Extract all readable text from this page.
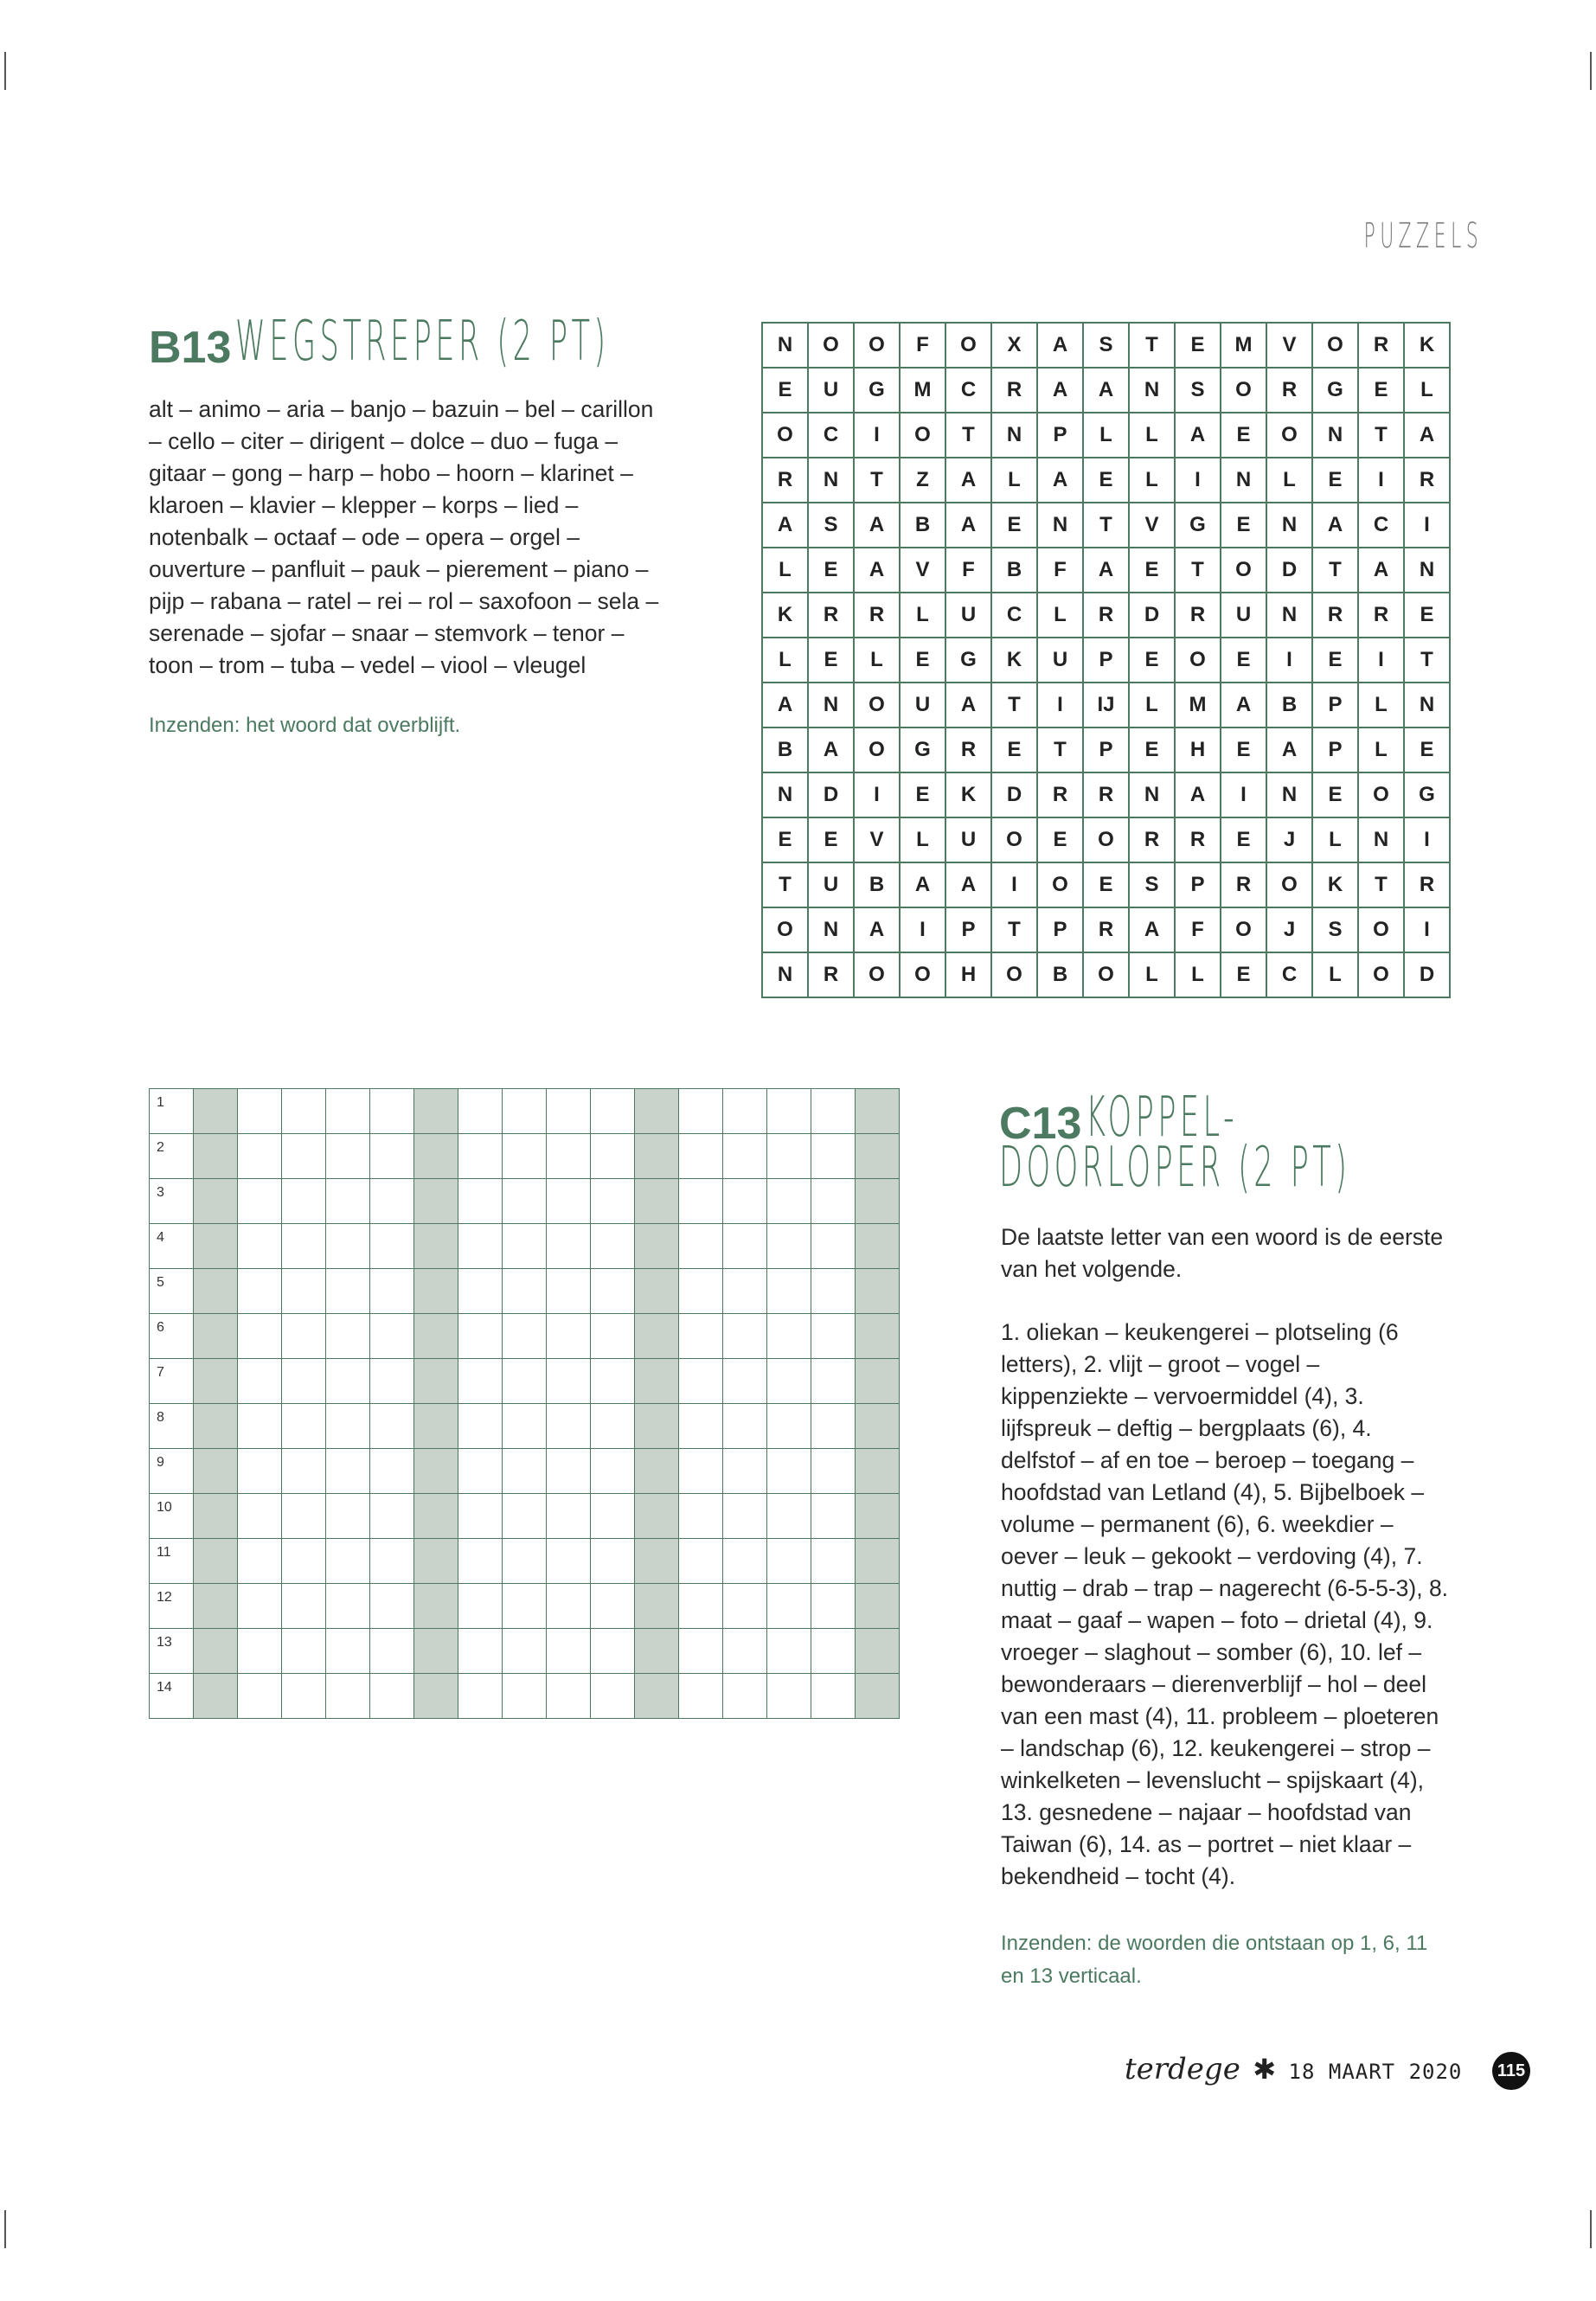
PUZZELS
B13 WEGSTREPER (2 PT)
alt – animo – aria – banjo – bazuin – bel – carillon – cello – citer – dirigent – dolce – duo – fuga – gitaar – gong – harp – hobo – hoorn – klarinet – klaroen – klavier – klepper – korps – lied – notenbalk – octaaf – ode – opera – orgel – ouverture – panfluit – pauk – pierement – piano – pijp – rabana – ratel – rei – rol – saxofoon – sela – serenade – sjofar – snaar – stemvork – tenor – toon – trom – tuba – vedel – viool – vleugel
Inzenden: het woord dat overblijft.
N	O	O	F	O	X	A	S	T	E	M	V	O	R	K
E	U	G	M	C	R	A	A	N	S	O	R	G	E	L
O	C	I	O	T	N	P	L	L	A	E	O	N	T	A
R	N	T	Z	A	L	A	E	L	I	N	L	E	I	R
A	S	A	B	A	E	N	T	V	G	E	N	A	C	I
L	E	A	V	F	B	F	A	E	T	O	D	T	A	N
K	R	R	L	U	C	L	R	D	R	U	N	R	R	E
L	E	L	E	G	K	U	P	E	O	E	I	E	I	T
A	N	O	U	A	T	I	IJ	L	M	A	B	P	L	N
B	A	O	G	R	E	T	P	E	H	E	A	P	L	E
N	D	I	E	K	D	R	R	N	A	I	N	E	O	G
E	E	V	L	U	O	E	O	R	R	E	J	L	N	I
T	U	B	A	A	I	O	E	S	P	R	O	K	T	R
O	N	A	I	P	T	P	R	A	F	O	J	S	O	I
N	R	O	O	H	O	B	O	L	L	E	C	L	O	D
1																

2																

3																

4																

5																

6																

7																

8																

9																

10																

11																

12																

13																

14																

C13 KOPPEL-
DOORLOPER (2 PT)
De laatste letter van een woord is de eerste van het volgende.
1. oliekan – keukengerei – plotseling (6 letters), 2. vlijt – groot – vogel – kippenziekte – vervoermiddel (4), 3. lijfspreuk – deftig – bergplaats (6), 4. delfstof – af en toe – beroep – toegang – hoofdstad van Letland (4), 5. Bijbelboek – volume – permanent (6), 6. weekdier – oever – leuk – gekookt – verdoving (4), 7. nuttig – drab – trap – nagerecht (6-5-5-3), 8. maat – gaaf – wapen – foto – drietal (4), 9. vroeger – slaghout – somber (6), 10. lef – bewonderaars – dierenverblijf – hol – deel van een mast (4), 11. probleem – ploeteren – landschap (6), 12. keukengerei – strop – winkelketen – levenslucht – spijskaart (4), 13. gesnedene – najaar – hoofdstad van Taiwan (6), 14. as – portret – niet klaar – bekendheid – tocht (4).
Inzenden: de woorden die ontstaan op 1, 6, 11 en 13 verticaal.
terdege ✱ 18 MAART 2020 115
